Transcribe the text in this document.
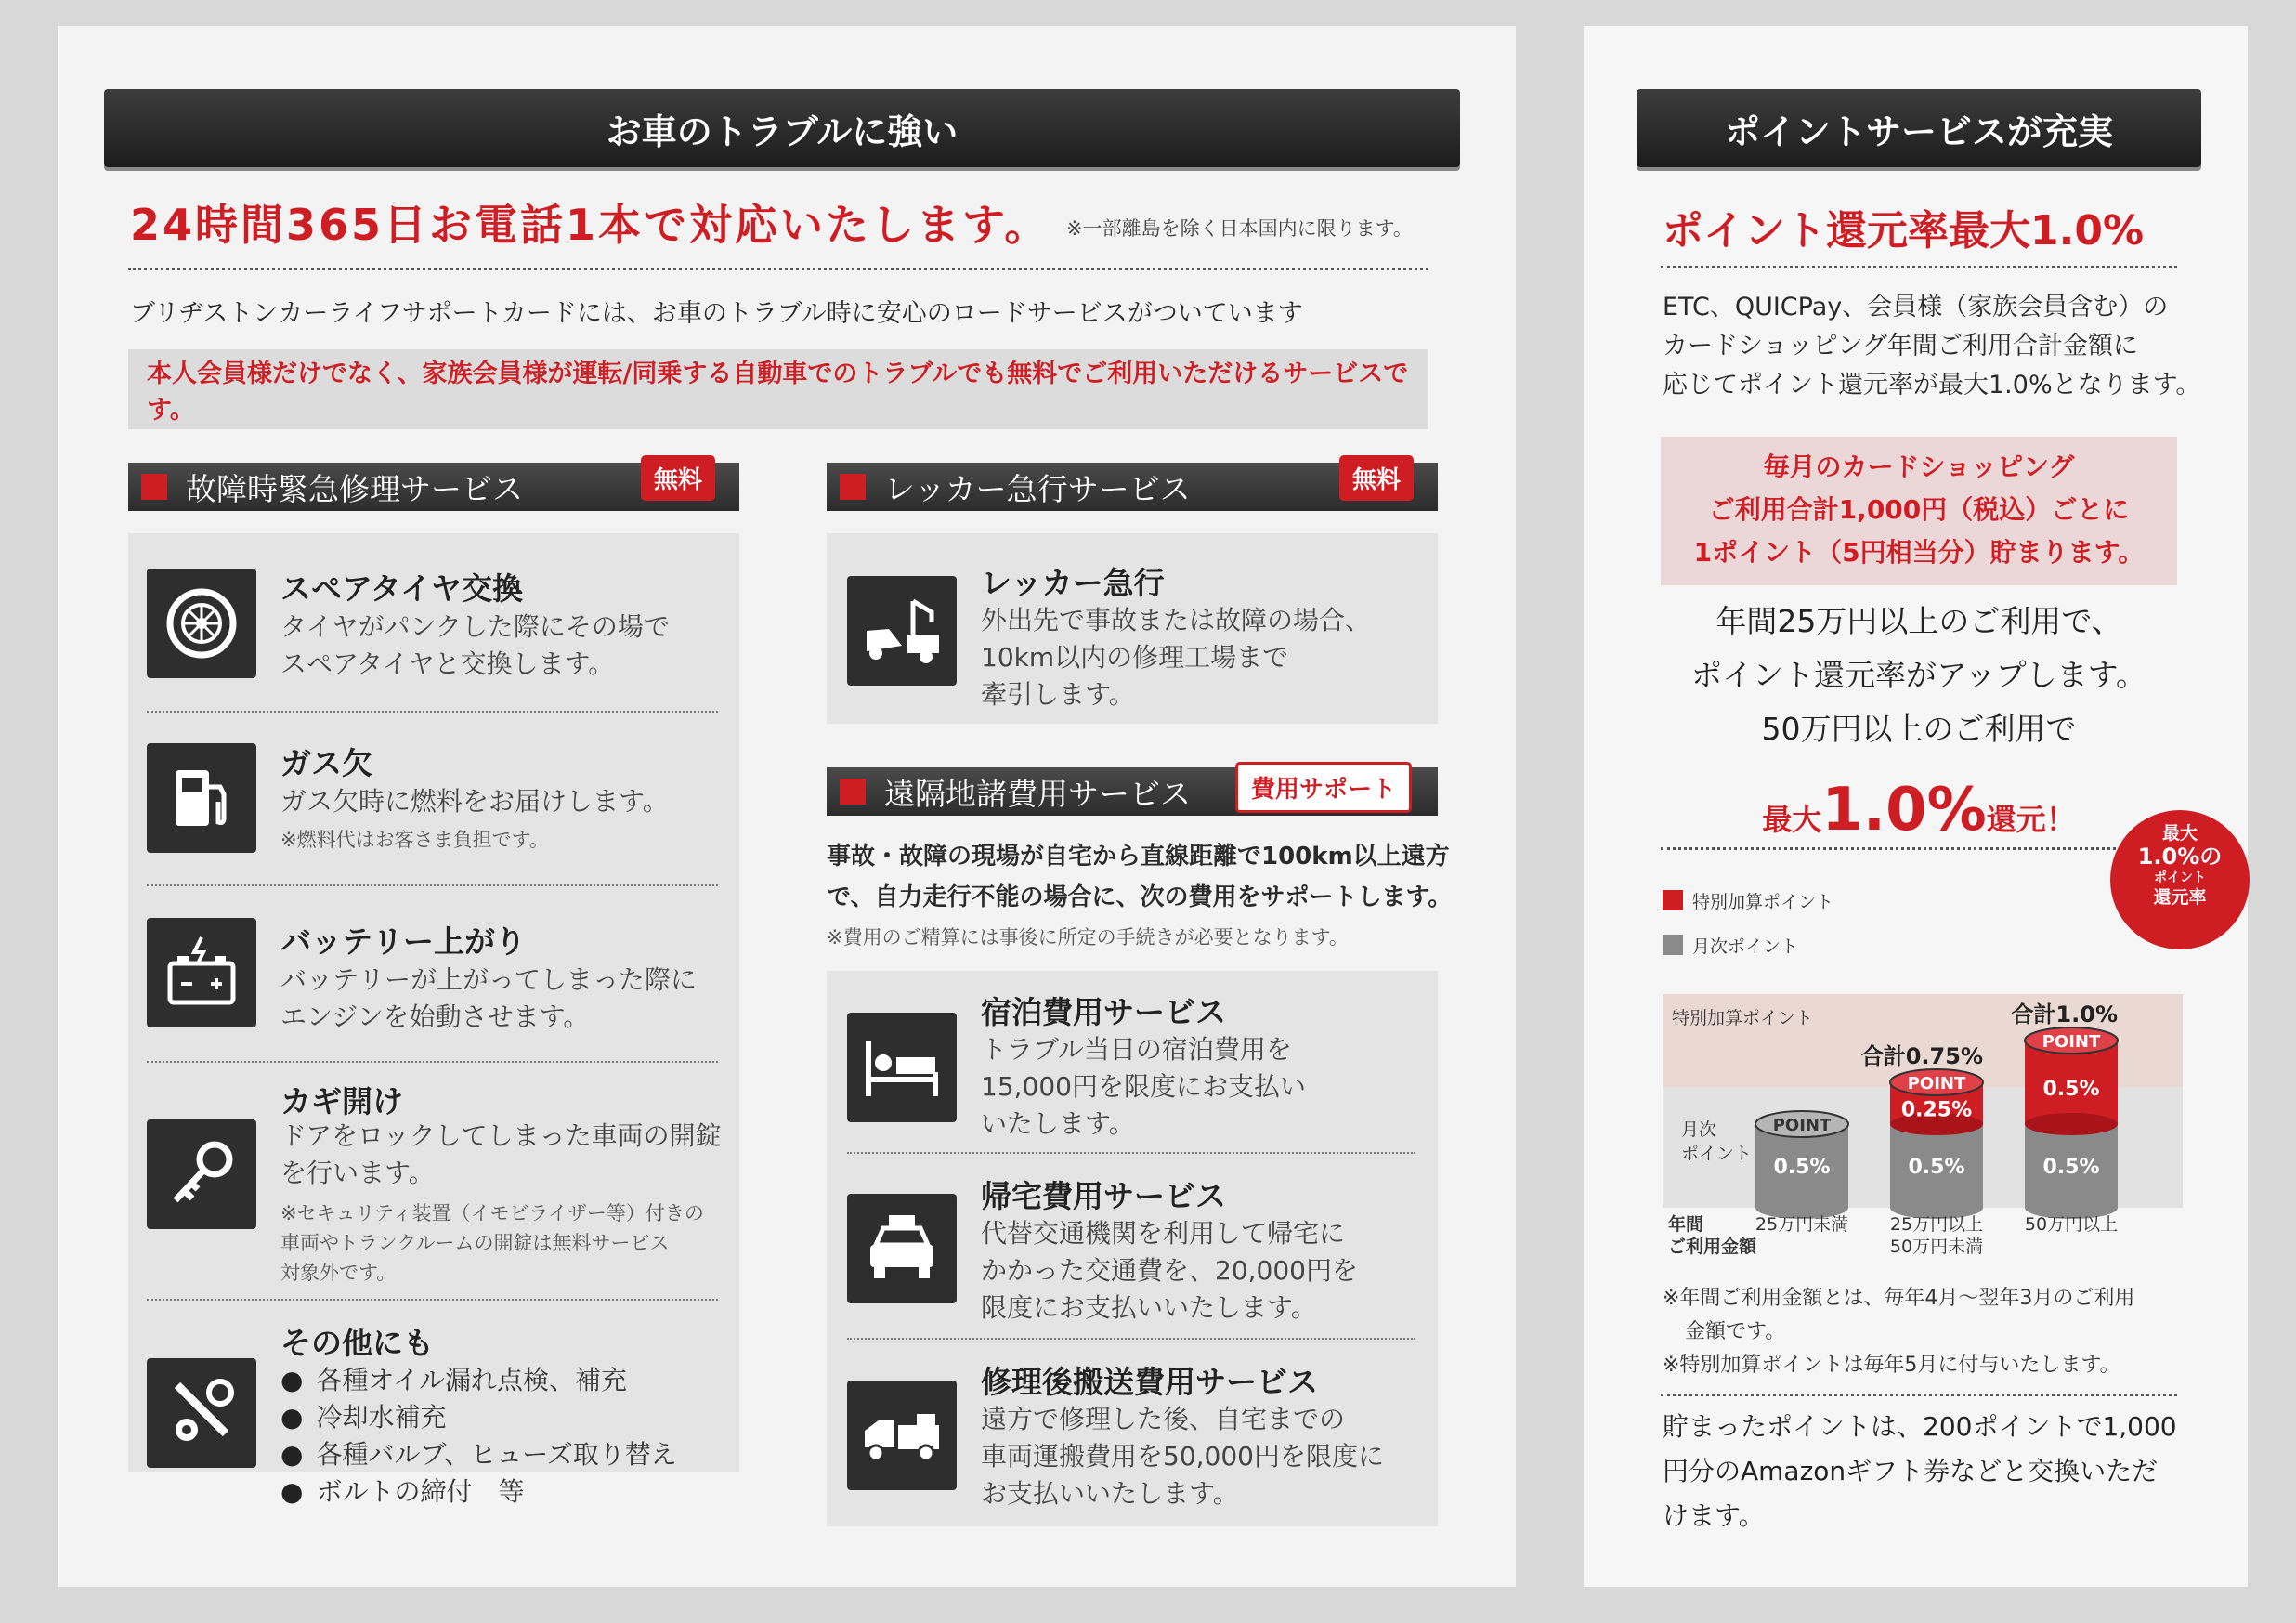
お車のトラブルに強い
24時間365日お電話1本で対応いたします。 ※一部離島を除く日本国内に限ります。
ブリヂストンカーライフサポートカードには、お車のトラブル時に安心のロードサービスがついています
本人会員様だけでなく、家族会員様が運転/同乗する自動車でのトラブルでも無料でご利用いただけるサービスです。
故障時緊急修理サービス	無料
スペアタイヤ交換
タイヤがパンクした際にその場で
スペアタイヤと交換します。
ガス欠
ガス欠時に燃料をお届けします。
※燃料代はお客さま負担です。
バッテリー上がり
バッテリーが上がってしまった際に
エンジンを始動させます。
カギ開け
ドアをロックしてしまった車両の開錠
を行います。
※セキュリティ装置（イモビライザー等）付きの
車両やトランクルームの開錠は無料サービス
対象外です。
その他にも
● 各種オイル漏れ点検、補充
● 冷却水補充
● 各種バルブ、ヒューズ取り替え
● ボルトの締付　等
レッカー急行サービス	無料
レッカー急行
外出先で事故または故障の場合、
10km以内の修理工場まで
牽引します。
遠隔地諸費用サービス	費用サポート
事故・故障の現場が自宅から直線距離で100km以上遠方
で、自力走行不能の場合に、次の費用をサポートします。
※費用のご精算には事後に所定の手続きが必要となります。
宿泊費用サービス
トラブル当日の宿泊費用を
15,000円を限度にお支払い
いたします。
帰宅費用サービス
代替交通機関を利用して帰宅に
かかった交通費を、20,000円を
限度にお支払いいたします。
修理後搬送費用サービス
遠方で修理した後、自宅までの
車両運搬費用を50,000円を限度に
お支払いいたします。
ポイントサービスが充実
ポイント還元率最大1.0%
ETC、QUICPay、会員様（家族会員含む）の
カードショッピング年間ご利用合計金額に
応じてポイント還元率が最大1.0%となります。
毎月のカードショッピング
ご利用合計1,000円（税込）ごとに
1ポイント（5円相当分）貯まります。
年間25万円以上のご利用で、
ポイント還元率がアップします。
50万円以上のご利用で
最大1.0%還元！	最大
1.0%の
ポイント
還元率
特別加算ポイント
月次ポイント
特別加算ポイント
月次
ポイント
年間
ご利用金額
0.5%
POINT
25万円未満
0.5%
0.25%
POINT
合計0.75%
25万円以上
50万円未満
0.5%
0.5%
POINT
合計1.0%
50万円以上
※年間ご利用金額とは、毎年4月～翌年3月のご利用
金額です。
※特別加算ポイントは毎年5月に付与いたします。
貯まったポイントは、200ポイントで1,000
円分のAmazonギフト券などと交換いただ
けます。
